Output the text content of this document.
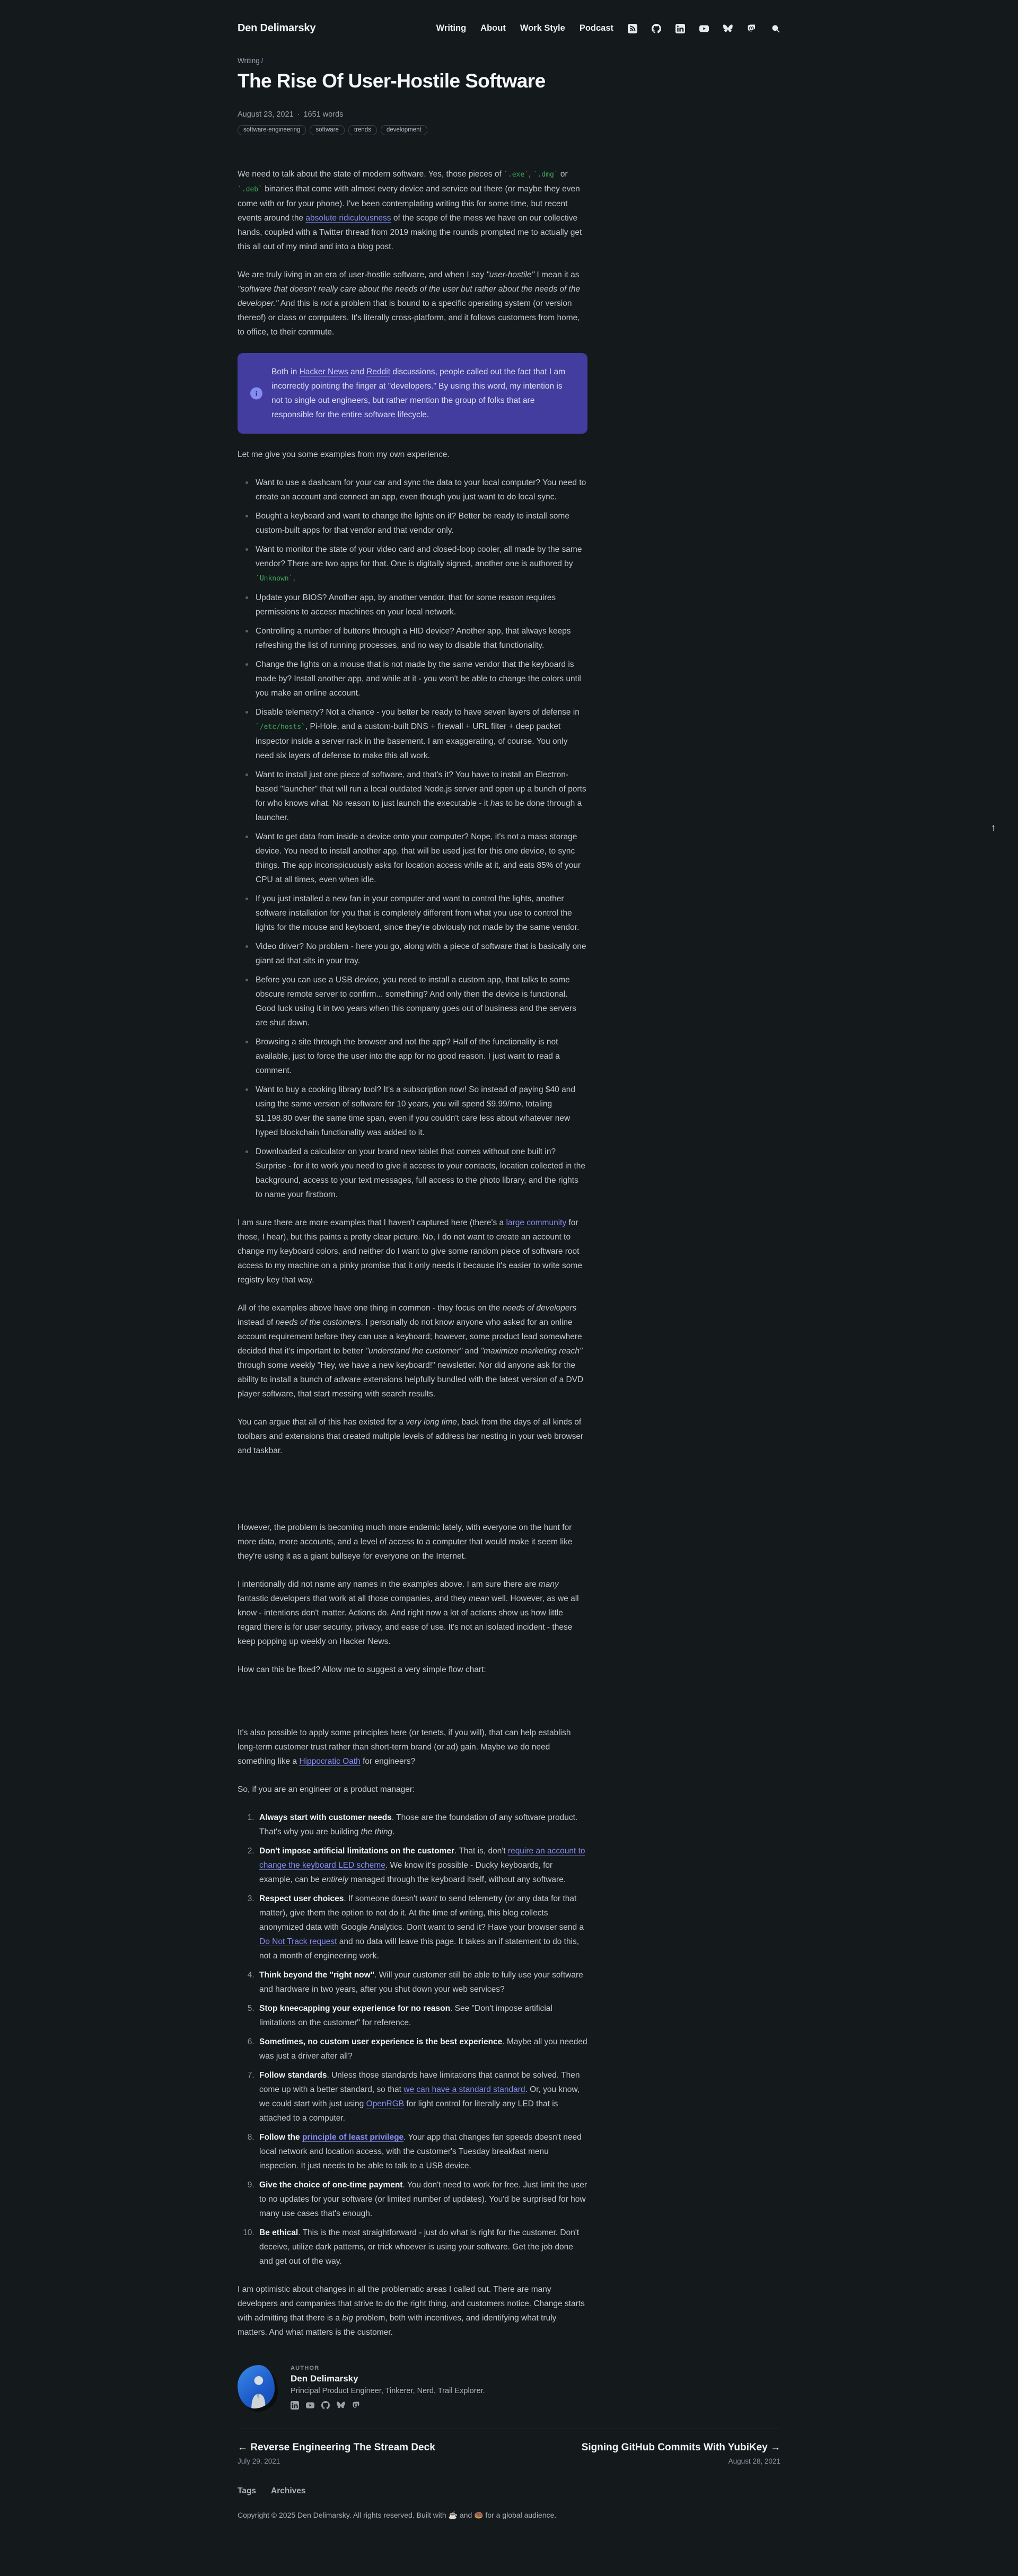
↑
Den Delimarsky	Writing About Work Style Podcast
Writing /
The Rise Of User-Hostile Software
August 23, 2021 · 1651 words
software-engineering	software	trends	development

We need to talk about the state of modern software. Yes, those pieces of `.exe`, `.dmg` or `.deb` binaries that come with almost every device and service out there (or maybe they even come with or for your phone). I've been contemplating writing this for some time, but recent events around the absolute ridiculousness of the scope of the mess we have on our collective hands, coupled with a Twitter thread from 2019 making the rounds prompted me to actually get this all out of my mind and into a blog post.

We are truly living in an era of user-hostile software, and when I say "user-hostile" I mean it as "software that doesn't really care about the needs of the user but rather about the needs of the developer." And this is not a problem that is bound to a specific operating system (or version thereof) or class or computers. It's literally cross-platform, and it follows customers from home, to office, to their commute.

i
Both in Hacker News and Reddit discussions, people called out the fact that I am incorrectly pointing the finger at "developers." By using this word, my intention is not to single out engineers, but rather mention the group of folks that are responsible for the entire software lifecycle.

Let me give you some examples from my own experience.

Want to use a dashcam for your car and sync the data to your local computer? You need to create an account and connect an app, even though you just want to do local sync.
Bought a keyboard and want to change the lights on it? Better be ready to install some custom-built apps for that vendor and that vendor only.
Want to monitor the state of your video card and closed-loop cooler, all made by the same vendor? There are two apps for that. One is digitally signed, another one is authored by `Unknown`.
Update your BIOS? Another app, by another vendor, that for some reason requires permissions to access machines on your local network.
Controlling a number of buttons through a HID device? Another app, that always keeps refreshing the list of running processes, and no way to disable that functionality.
Change the lights on a mouse that is not made by the same vendor that the keyboard is made by? Install another app, and while at it - you won't be able to change the colors until you make an online account.
Disable telemetry? Not a chance - you better be ready to have seven layers of defense in `/etc/hosts`, Pi-Hole, and a custom-built DNS + firewall + URL filter + deep packet inspector inside a server rack in the basement. I am exaggerating, of course. You only need six layers of defense to make this all work.
Want to install just one piece of software, and that's it? You have to install an Electron-based "launcher" that will run a local outdated Node.js server and open up a bunch of ports for who knows what. No reason to just launch the executable - it has to be done through a launcher.
Want to get data from inside a device onto your computer? Nope, it's not a mass storage device. You need to install another app, that will be used just for this one device, to sync things. The app inconspicuously asks for location access while at it, and eats 85% of your CPU at all times, even when idle.
If you just installed a new fan in your computer and want to control the lights, another software installation for you that is completely different from what you use to control the lights for the mouse and keyboard, since they're obviously not made by the same vendor.
Video driver? No problem - here you go, along with a piece of software that is basically one giant ad that sits in your tray.
Before you can use a USB device, you need to install a custom app, that talks to some obscure remote server to confirm... something? And only then the device is functional. Good luck using it in two years when this company goes out of business and the servers are shut down.
Browsing a site through the browser and not the app? Half of the functionality is not available, just to force the user into the app for no good reason. I just want to read a comment.
Want to buy a cooking library tool? It's a subscription now! So instead of paying $40 and using the same version of software for 10 years, you will spend $9.99/mo, totaling $1,198.80 over the same time span, even if you couldn't care less about whatever new hyped blockchain functionality was added to it.
Downloaded a calculator on your brand new tablet that comes without one built in? Surprise - for it to work you need to give it access to your contacts, location collected in the background, access to your text messages, full access to the photo library, and the rights to name your firstborn.

I am sure there are more examples that I haven't captured here (there's a large community for those, I hear), but this paints a pretty clear picture. No, I do not want to create an account to change my keyboard colors, and neither do I want to give some random piece of software root access to my machine on a pinky promise that it only needs it because it's easier to write some registry key that way.

All of the examples above have one thing in common - they focus on the needs of developers instead of needs of the customers. I personally do not know anyone who asked for an online account requirement before they can use a keyboard; however, some product lead somewhere decided that it's important to better "understand the customer" and "maximize marketing reach" through some weekly "Hey, we have a new keyboard!" newsletter. Nor did anyone ask for the ability to install a bunch of adware extensions helpfully bundled with the latest version of a DVD player software, that start messing with search results.

You can argue that all of this has existed for a very long time, back from the days of all kinds of toolbars and extensions that created multiple levels of address bar nesting in your web browser and taskbar.

However, the problem is becoming much more endemic lately, with everyone on the hunt for more data, more accounts, and a level of access to a computer that would make it seem like they're using it as a giant bullseye for everyone on the Internet.

I intentionally did not name any names in the examples above. I am sure there are many fantastic developers that work at all those companies, and they mean well. However, as we all know - intentions don't matter. Actions do. And right now a lot of actions show us how little regard there is for user security, privacy, and ease of use. It's not an isolated incident - these keep popping up weekly on Hacker News.

How can this be fixed? Allow me to suggest a very simple flow chart:

It's also possible to apply some principles here (or tenets, if you will), that can help establish long-term customer trust rather than short-term brand (or ad) gain. Maybe we do need something like a Hippocratic Oath for engineers?

So, if you are an engineer or a product manager:

1. Always start with customer needs. Those are the foundation of any software product. That's why you are building the thing.
2. Don't impose artificial limitations on the customer. That is, don't require an account to change the keyboard LED scheme. We know it's possible - Ducky keyboards, for example, can be entirely managed through the keyboard itself, without any software.
3. Respect user choices. If someone doesn't want to send telemetry (or any data for that matter), give them the option to not do it. At the time of writing, this blog collects anonymized data with Google Analytics. Don't want to send it? Have your browser send a Do Not Track request and no data will leave this page. It takes an if statement to do this, not a month of engineering work.
4. Think beyond the "right now". Will your customer still be able to fully use your software and hardware in two years, after you shut down your web services?
5. Stop kneecapping your experience for no reason. See "Don't impose artificial limitations on the customer" for reference.
6. Sometimes, no custom user experience is the best experience. Maybe all you needed was just a driver after all?
7. Follow standards. Unless those standards have limitations that cannot be solved. Then come up with a better standard, so that we can have a standard standard. Or, you know, we could start with just using OpenRGB for light control for literally any LED that is attached to a computer.
8. Follow the principle of least privilege. Your app that changes fan speeds doesn't need local network and location access, with the customer's Tuesday breakfast menu inspection. It just needs to be able to talk to a USB device.
9. Give the choice of one-time payment. You don't need to work for free. Just limit the user to no updates for your software (or limited number of updates). You'd be surprised for how many use cases that's enough.
10. Be ethical. This is the most straightforward - just do what is right for the customer. Don't deceive, utilize dark patterns, or trick whoever is using your software. Get the job done and get out of the way.

I am optimistic about changes in all the problematic areas I called out. There are many developers and companies that strive to do the right thing, and customers notice. Change starts with admitting that there is a big problem, both with incentives, and identifying what truly matters. And what matters is the customer.

AUTHOR
Den Delimarsky
Principal Product Engineer, Tinkerer, Nerd, Trail Explorer.
← Reverse Engineering The Stream Deck
July 29, 2021
Signing GitHub Commits With YubiKey →
August 28, 2021
Tags Archives
Copyright © 2025 Den Delimarsky. All rights reserved. Built with ☕ and 🍩 for a global audience.
